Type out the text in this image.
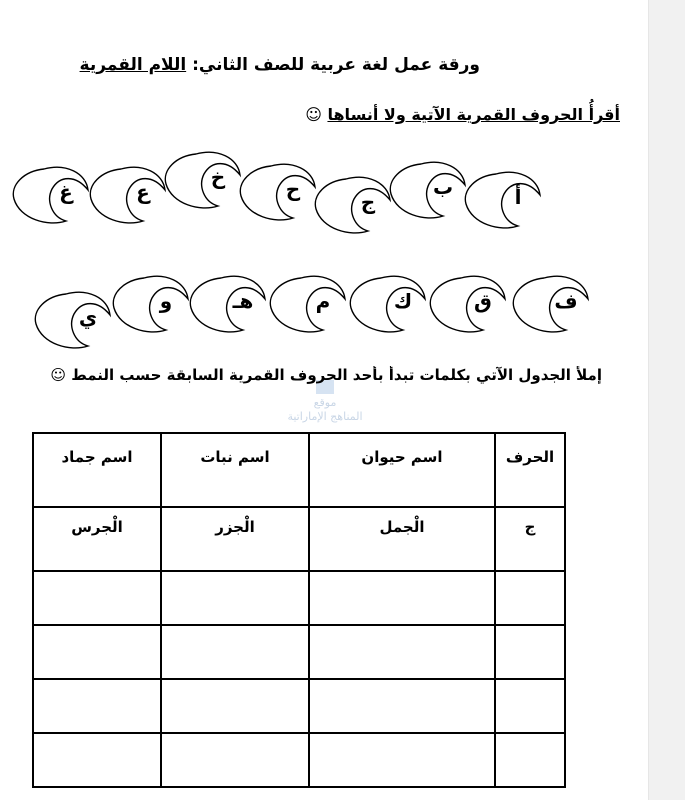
ورقة عمل لغة عربية للصف الثاني: اللام القمرية
أقرأُ الحروف القمرية الآتية ولا أنساها ☺
أ
ب
ج
ح
خ
ع
غ
ف
ق
ك
م
هـ
و
ي
موقع
المناهج الإماراتية
إملأ الجدول الآتي بكلمات تبدأ بأحد الحروف القمرية السابقة حسب النمط ☺
الحرف	اسم حيوان	اسم نبات	اسم جماد
ج	الْجمل	الْجزر	الْجرس
